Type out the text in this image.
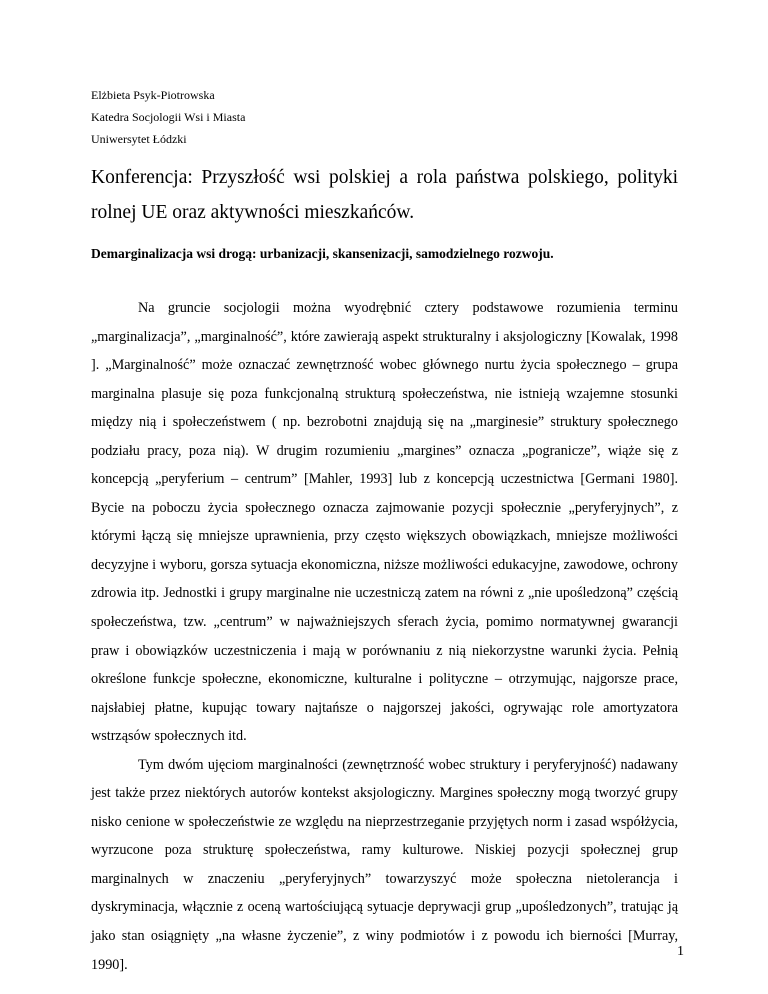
Elżbieta Psyk-Piotrowska
Katedra Socjologii Wsi i Miasta
Uniwersytet Łódzki
Konferencja: Przyszłość wsi polskiej a rola państwa polskiego, polityki rolnej UE oraz aktywności mieszkańców.
Demarginalizacja wsi drogą: urbanizacji, skansenizacji, samodzielnego rozwoju.

Na gruncie socjologii można wyodrębnić cztery podstawowe rozumienia terminu „marginalizacja”, „marginalność”, które zawierają aspekt strukturalny i aksjologiczny [Kowalak, 1998 ]. „Marginalność” może oznaczać zewnętrzność wobec głównego nurtu życia społecznego – grupa marginalna plasuje się poza funkcjonalną strukturą społeczeństwa, nie istnieją wzajemne stosunki między nią i społeczeństwem ( np. bezrobotni znajdują się na „marginesie” struktury społecznego podziału pracy, poza nią). W drugim rozumieniu „margines” oznacza „pogranicze”, wiąże się z koncepcją „peryferium – centrum” [Mahler, 1993] lub z koncepcją uczestnictwa [Germani 1980]. Bycie na poboczu życia społecznego oznacza zajmowanie pozycji społecznie „peryferyjnych”, z którymi łączą się mniejsze uprawnienia, przy często większych obowiązkach, mniejsze możliwości decyzyjne i wyboru, gorsza sytuacja ekonomiczna, niższe możliwości edukacyjne, zawodowe, ochrony zdrowia itp. Jednostki i grupy marginalne nie uczestniczą zatem na równi z „nie upośledzoną” częścią społeczeństwa, tzw. „centrum” w najważniejszych sferach życia, pomimo normatywnej gwarancji praw i obowiązków uczestniczenia i mają w porównaniu z nią niekorzystne warunki życia. Pełnią określone funkcje społeczne, ekonomiczne, kulturalne i polityczne – otrzymując, najgorsze prace, najsłabiej płatne, kupując towary najtańsze o najgorszej jakości, ogrywając role amortyzatora wstrząsów społecznych itd.

Tym dwóm ujęciom marginalności (zewnętrzność wobec struktury i peryferyjność) nadawany jest także przez niektórych autorów kontekst aksjologiczny. Margines społeczny mogą tworzyć grupy nisko cenione w społeczeństwie ze względu na nieprzestrzeganie przyjętych norm i zasad współżycia, wyrzucone poza strukturę społeczeństwa, ramy kulturowe. Niskiej pozycji społecznej grup marginalnych w znaczeniu „peryferyjnych” towarzyszyć może społeczna nietolerancja i dyskryminacja, włącznie z oceną wartościującą sytuacje deprywacji grup „upośledzonych”, tratując ją jako stan osiągnięty „na własne życzenie”, z winy podmiotów i z powodu ich bierności [Murray, 1990].

1
